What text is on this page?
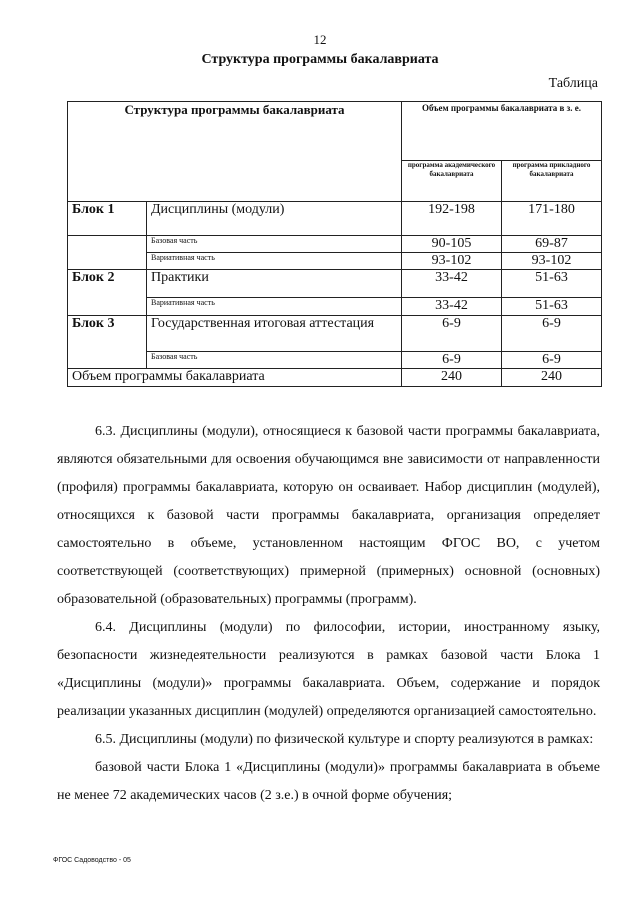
12
Структура программы бакалавриата
Таблица
Структура программы бакалавриата		Объем программы бакалавриата в з. е.	
		программа академического бакалавриата	программа прикладного бакалавриата
Блок 1	Дисциплины (модули)	192-198	171-180
	Базовая часть	90-105	69-87
	Вариативная часть	93-102	93-102
Блок 2	Практики	33-42	51-63
	Вариативная часть	33-42	51-63
Блок 3	Государственная итоговая аттестация	6-9	6-9
	Базовая часть	6-9	6-9
Объем программы бакалавриата		240	240

6.3. Дисциплины (модули), относящиеся к базовой части программы бакалавриата, являются обязательными для освоения обучающимся вне зависимости от направленности (профиля) программы бакалавриата, которую он осваивает. Набор дисциплин (модулей), относящихся к базовой части программы бакалавриата, организация определяет самостоятельно в объеме, установленном настоящим ФГОС ВО, с учетом соответствующей (соответствующих) примерной (примерных) основной (основных) образовательной (образовательных) программы (программ).

6.4. Дисциплины (модули) по философии, истории, иностранному языку, безопасности жизнедеятельности реализуются в рамках базовой части Блока 1 «Дисциплины (модули)» программы бакалавриата. Объем, содержание и порядок реализации указанных дисциплин (модулей) определяются организацией самостоятельно.

6.5. Дисциплины (модули) по физической культуре и спорту реализуются в рамках:

базовой части Блока 1 «Дисциплины (модули)» программы бакалавриата в объеме не менее 72 академических часов (2 з.е.) в очной форме обучения;

ФГОС Садоводство - 05
